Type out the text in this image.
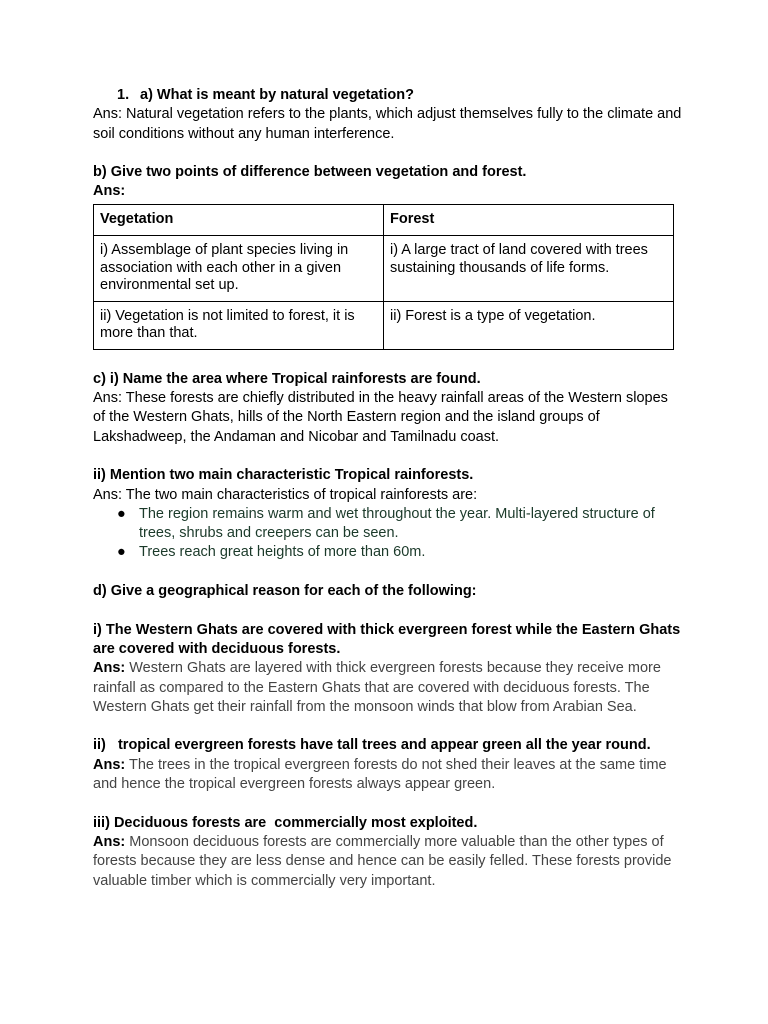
1. a) What is meant by natural vegetation?

Ans: Natural vegetation refers to the plants, which adjust themselves fully to the climate and soil conditions without any human interference.

b) Give two points of difference between vegetation and forest.

Ans:

Vegetation	Forest
i) Assemblage of plant species living in association with each other in a given environmental set up.	i) A large tract of land covered with trees sustaining thousands of life forms.
ii) Vegetation is not limited to forest, it is more than that.	ii) Forest is a type of vegetation.

c) i) Name the area where Tropical rainforests are found.

Ans: These forests are chiefly distributed in the heavy rainfall areas of the Western slopes of the Western Ghats, hills of the North Eastern region and the island groups of Lakshadweep, the Andaman and Nicobar and Tamilnadu coast.

ii) Mention two main characteristic Tropical rainforests.

Ans: The two main characteristics of tropical rainforests are:

● The region remains warm and wet throughout the year. Multi-layered structure of trees, shrubs and creepers can be seen.
● Trees reach great heights of more than 60m.

d) Give a geographical reason for each of the following:

i) The Western Ghats are covered with thick evergreen forest while the Eastern Ghats are covered with deciduous forests.

Ans: Western Ghats are layered with thick evergreen forests because they receive more rainfall as compared to the Eastern Ghats that are covered with deciduous forests. The Western Ghats get their rainfall from the monsoon winds that blow from Arabian Sea.

ii)   tropical evergreen forests have tall trees and appear green all the year round.

Ans: The trees in the tropical evergreen forests do not shed their leaves at the same time and hence the tropical evergreen forests always appear green.

iii) Deciduous forests are  commercially most exploited.

Ans: Monsoon deciduous forests are commercially more valuable than the other types of forests because they are less dense and hence can be easily felled. These forests provide valuable timber which is commercially very important.
